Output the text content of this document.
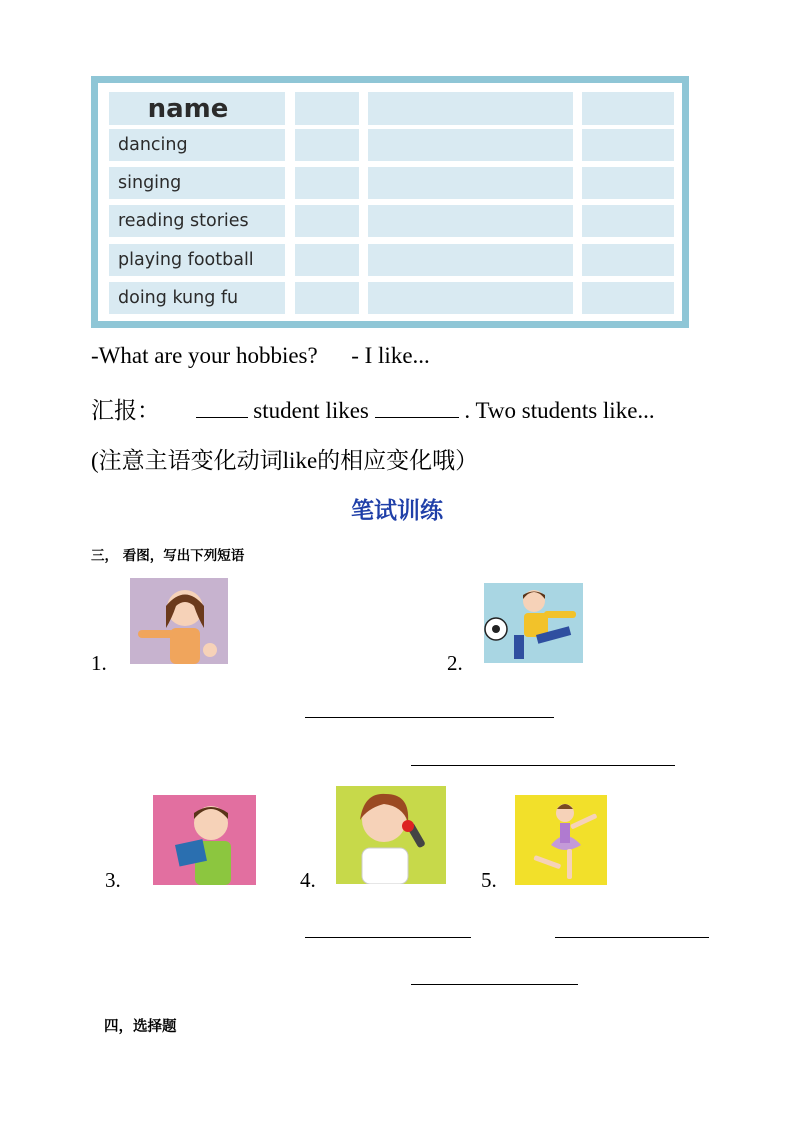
name
dancing
singing
reading stories
playing football
doing kung fu
-What are your hobbies? - I like...
汇报：	student likes	. Two students like...
(注意主语变化动词like的相应变化哦）
笔试训练
三， 看图，写出下列短语
1.	2.
3.	4.	5.
四，选择题
